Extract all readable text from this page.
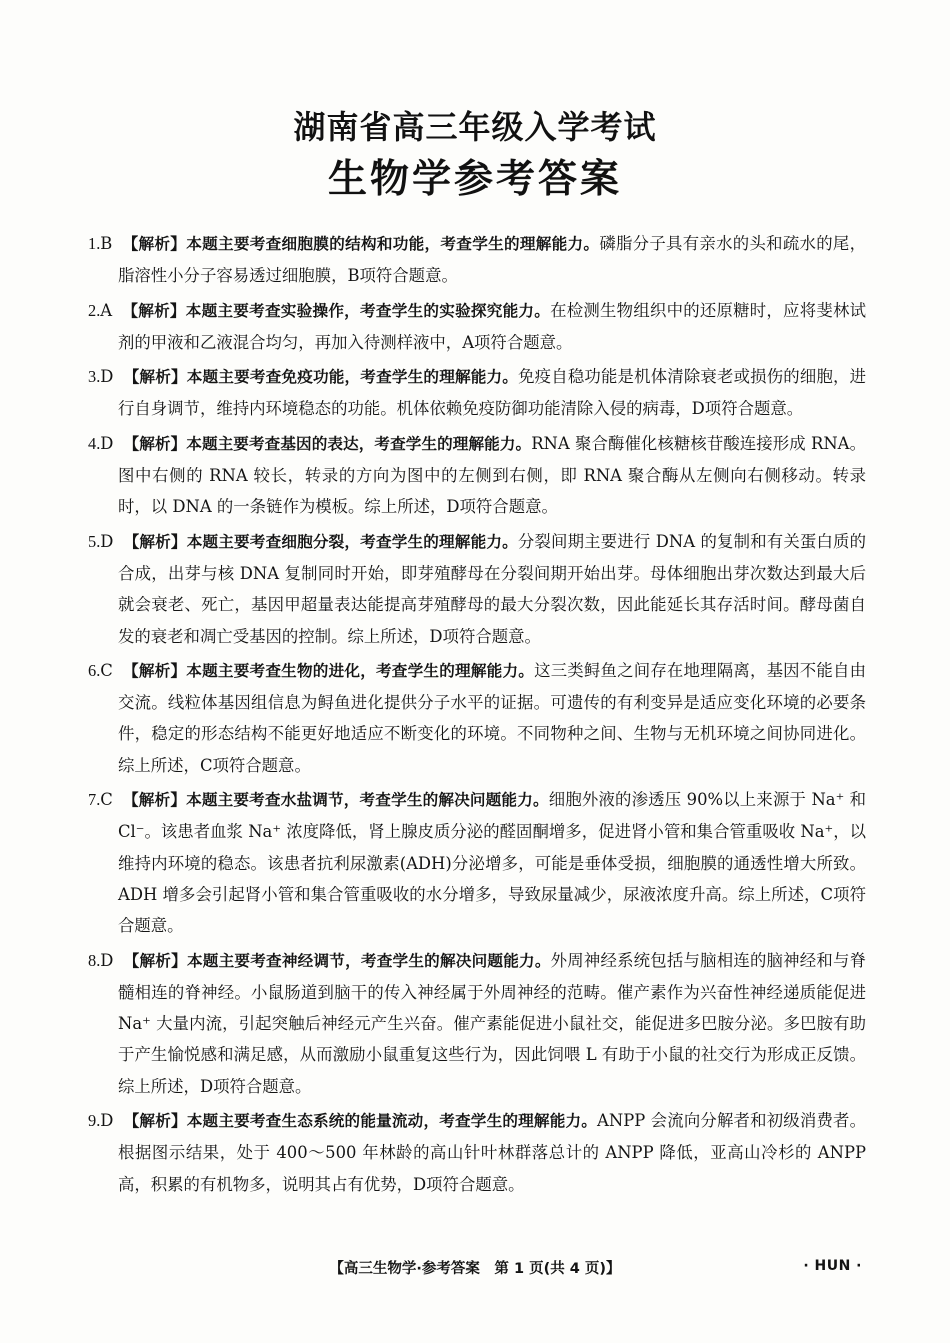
湖南省高三年级入学考试
生物学参考答案
1.B 【解析】本题主要考查细胞膜的结构和功能，考查学生的理解能力。磷脂分子具有亲水的头和疏水的尾，脂溶性小分子容易透过细胞膜，B项符合题意。
2.A 【解析】本题主要考查实验操作，考查学生的实验探究能力。在检测生物组织中的还原糖时，应将斐林试剂的甲液和乙液混合均匀，再加入待测样液中，A项符合题意。
3.D 【解析】本题主要考查免疫功能，考查学生的理解能力。免疫自稳功能是机体清除衰老或损伤的细胞，进行自身调节，维持内环境稳态的功能。机体依赖免疫防御功能清除入侵的病毒，D项符合题意。
4.D 【解析】本题主要考查基因的表达，考查学生的理解能力。RNA 聚合酶催化核糖核苷酸连接形成 RNA。图中右侧的 RNA 较长，转录的方向为图中的左侧到右侧，即 RNA 聚合酶从左侧向右侧移动。转录时，以 DNA 的一条链作为模板。综上所述，D项符合题意。
5.D 【解析】本题主要考查细胞分裂，考查学生的理解能力。分裂间期主要进行 DNA 的复制和有关蛋白质的合成，出芽与核 DNA 复制同时开始，即芽殖酵母在分裂间期开始出芽。母体细胞出芽次数达到最大后就会衰老、死亡，基因甲超量表达能提高芽殖酵母的最大分裂次数，因此能延长其存活时间。酵母菌自发的衰老和凋亡受基因的控制。综上所述，D项符合题意。
6.C 【解析】本题主要考查生物的进化，考查学生的理解能力。这三类鲟鱼之间存在地理隔离，基因不能自由交流。线粒体基因组信息为鲟鱼进化提供分子水平的证据。可遗传的有利变异是适应变化环境的必要条件，稳定的形态结构不能更好地适应不断变化的环境。不同物种之间、生物与无机环境之间协同进化。综上所述，C项符合题意。
7.C 【解析】本题主要考查水盐调节，考查学生的解决问题能力。细胞外液的渗透压 90%以上来源于 Na⁺ 和 Cl⁻。该患者血浆 Na⁺ 浓度降低，肾上腺皮质分泌的醛固酮增多，促进肾小管和集合管重吸收 Na⁺，以维持内环境的稳态。该患者抗利尿激素(ADH)分泌增多，可能是垂体受损，细胞膜的通透性增大所致。ADH 增多会引起肾小管和集合管重吸收的水分增多，导致尿量减少，尿液浓度升高。综上所述，C项符合题意。
8.D 【解析】本题主要考查神经调节，考查学生的解决问题能力。外周神经系统包括与脑相连的脑神经和与脊髓相连的脊神经。小鼠肠道到脑干的传入神经属于外周神经的范畴。催产素作为兴奋性神经递质能促进 Na⁺ 大量内流，引起突触后神经元产生兴奋。催产素能促进小鼠社交，能促进多巴胺分泌。多巴胺有助于产生愉悦感和满足感，从而激励小鼠重复这些行为，因此饲喂 L 有助于小鼠的社交行为形成正反馈。综上所述，D项符合题意。
9.D 【解析】本题主要考查生态系统的能量流动，考查学生的理解能力。ANPP 会流向分解者和初级消费者。根据图示结果，处于 400～500 年林龄的高山针叶林群落总计的 ANPP 降低，亚高山冷杉的 ANPP 高，积累的有机物多，说明其占有优势，D项符合题意。
【高三生物学·参考答案　第 1 页(共 4 页)】	· HUN ·
